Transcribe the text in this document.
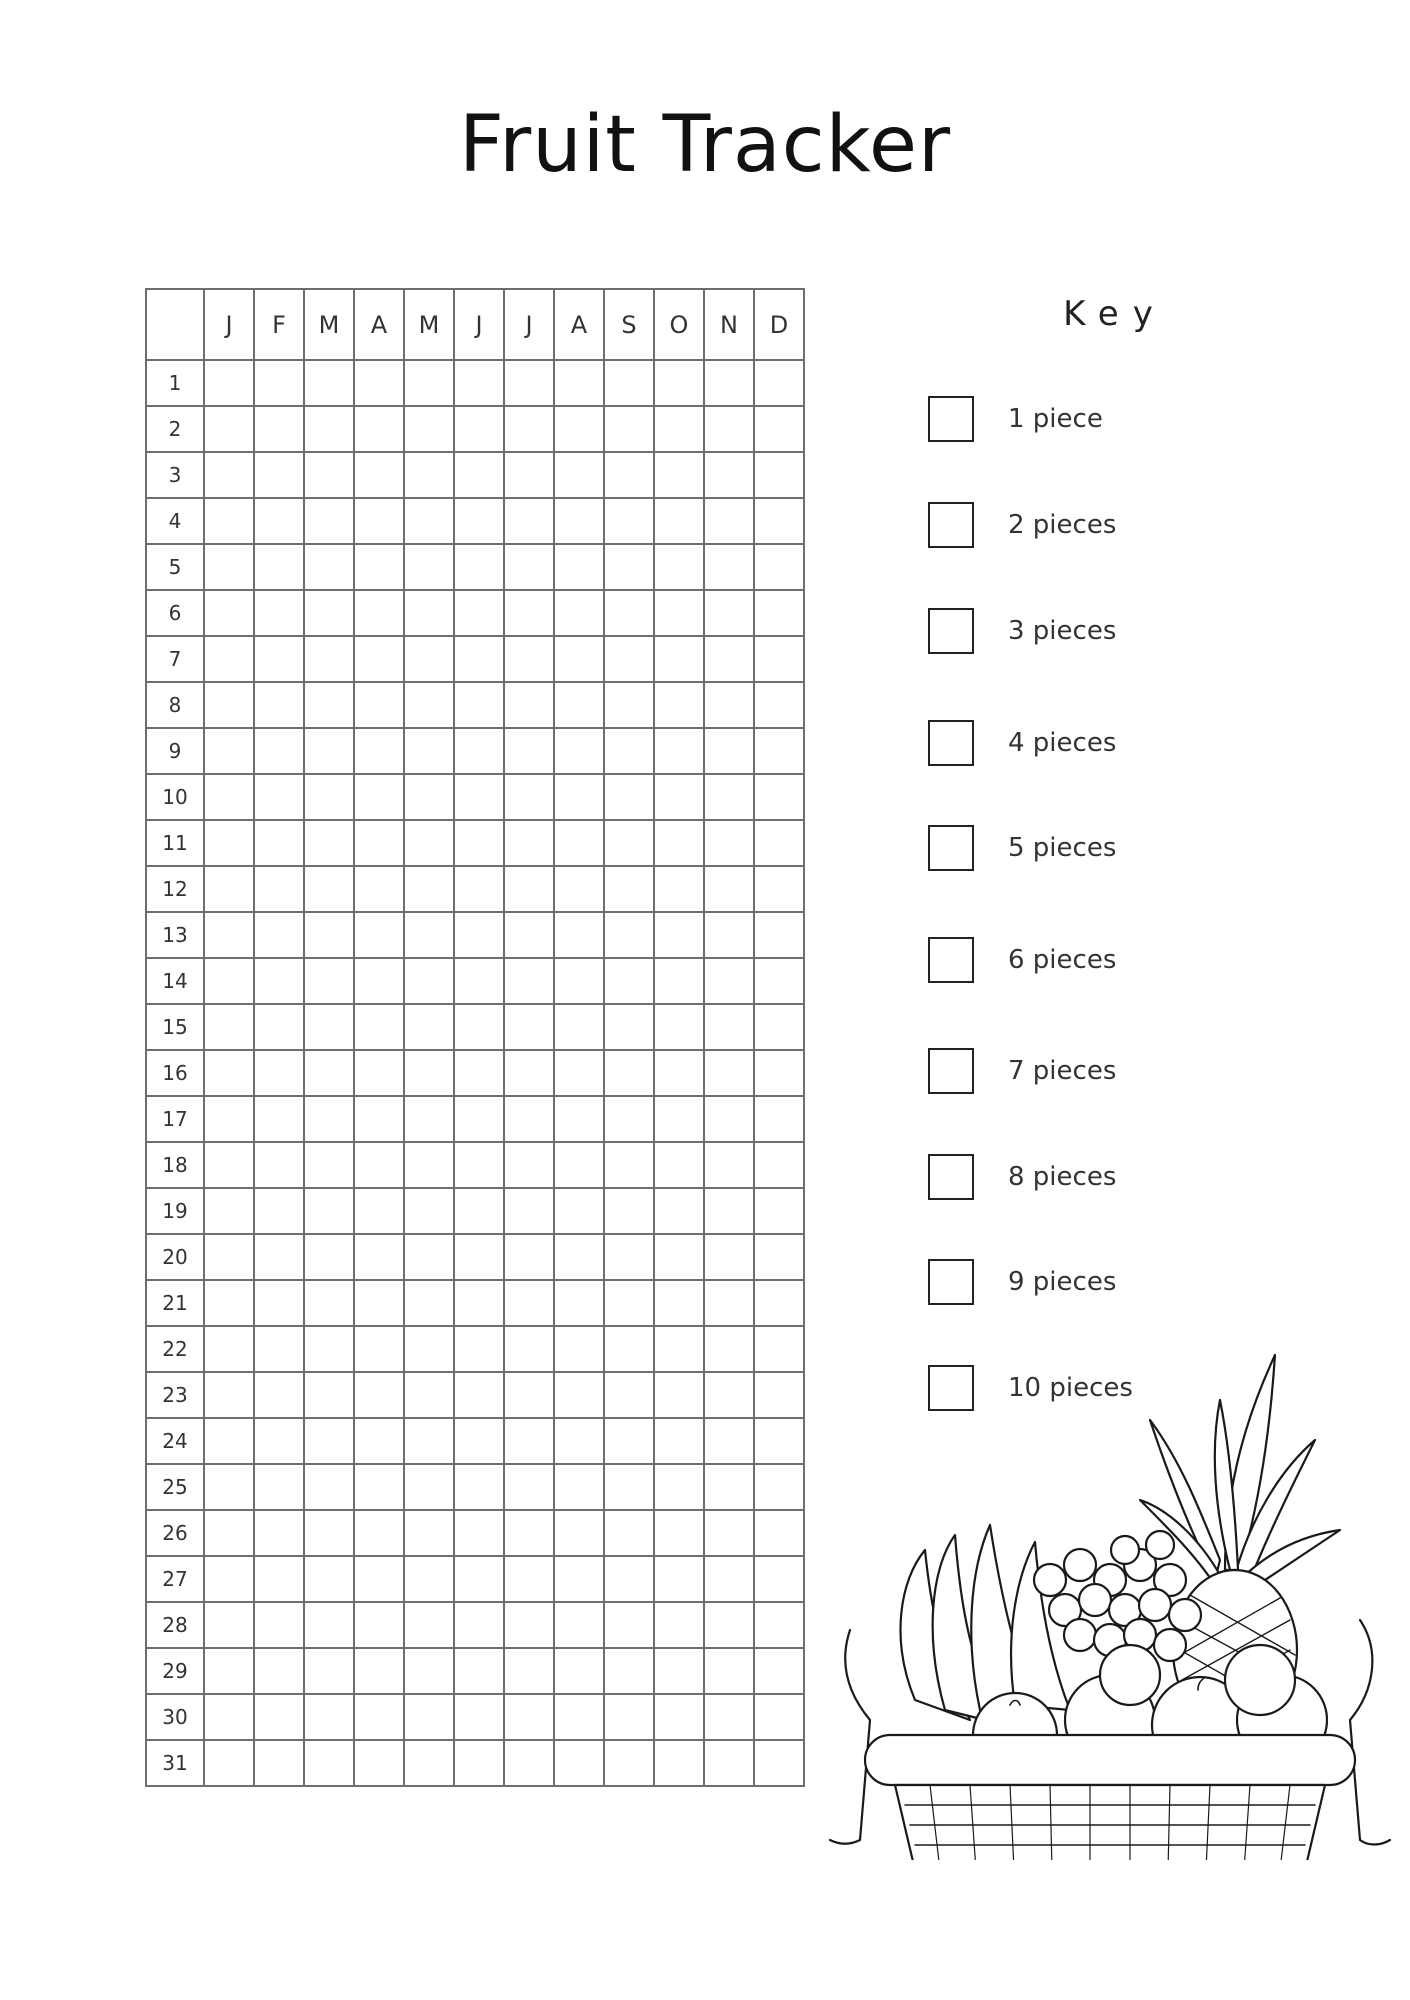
Fruit Tracker
	J	F	M	A	M	J	J	A	S	O	N	D
1												
2												
3												
4												
5												
6												
7												
8												
9												
10												
11												
12												
13												
14												
15												
16												
17												
18												
19												
20												
21												
22												
23												
24												
25												
26												
27												
28												
29												
30												
31												
Key
1 piece
2 pieces
3 pieces
4 pieces
5 pieces
6 pieces
7 pieces
8 pieces
9 pieces
10 pieces
